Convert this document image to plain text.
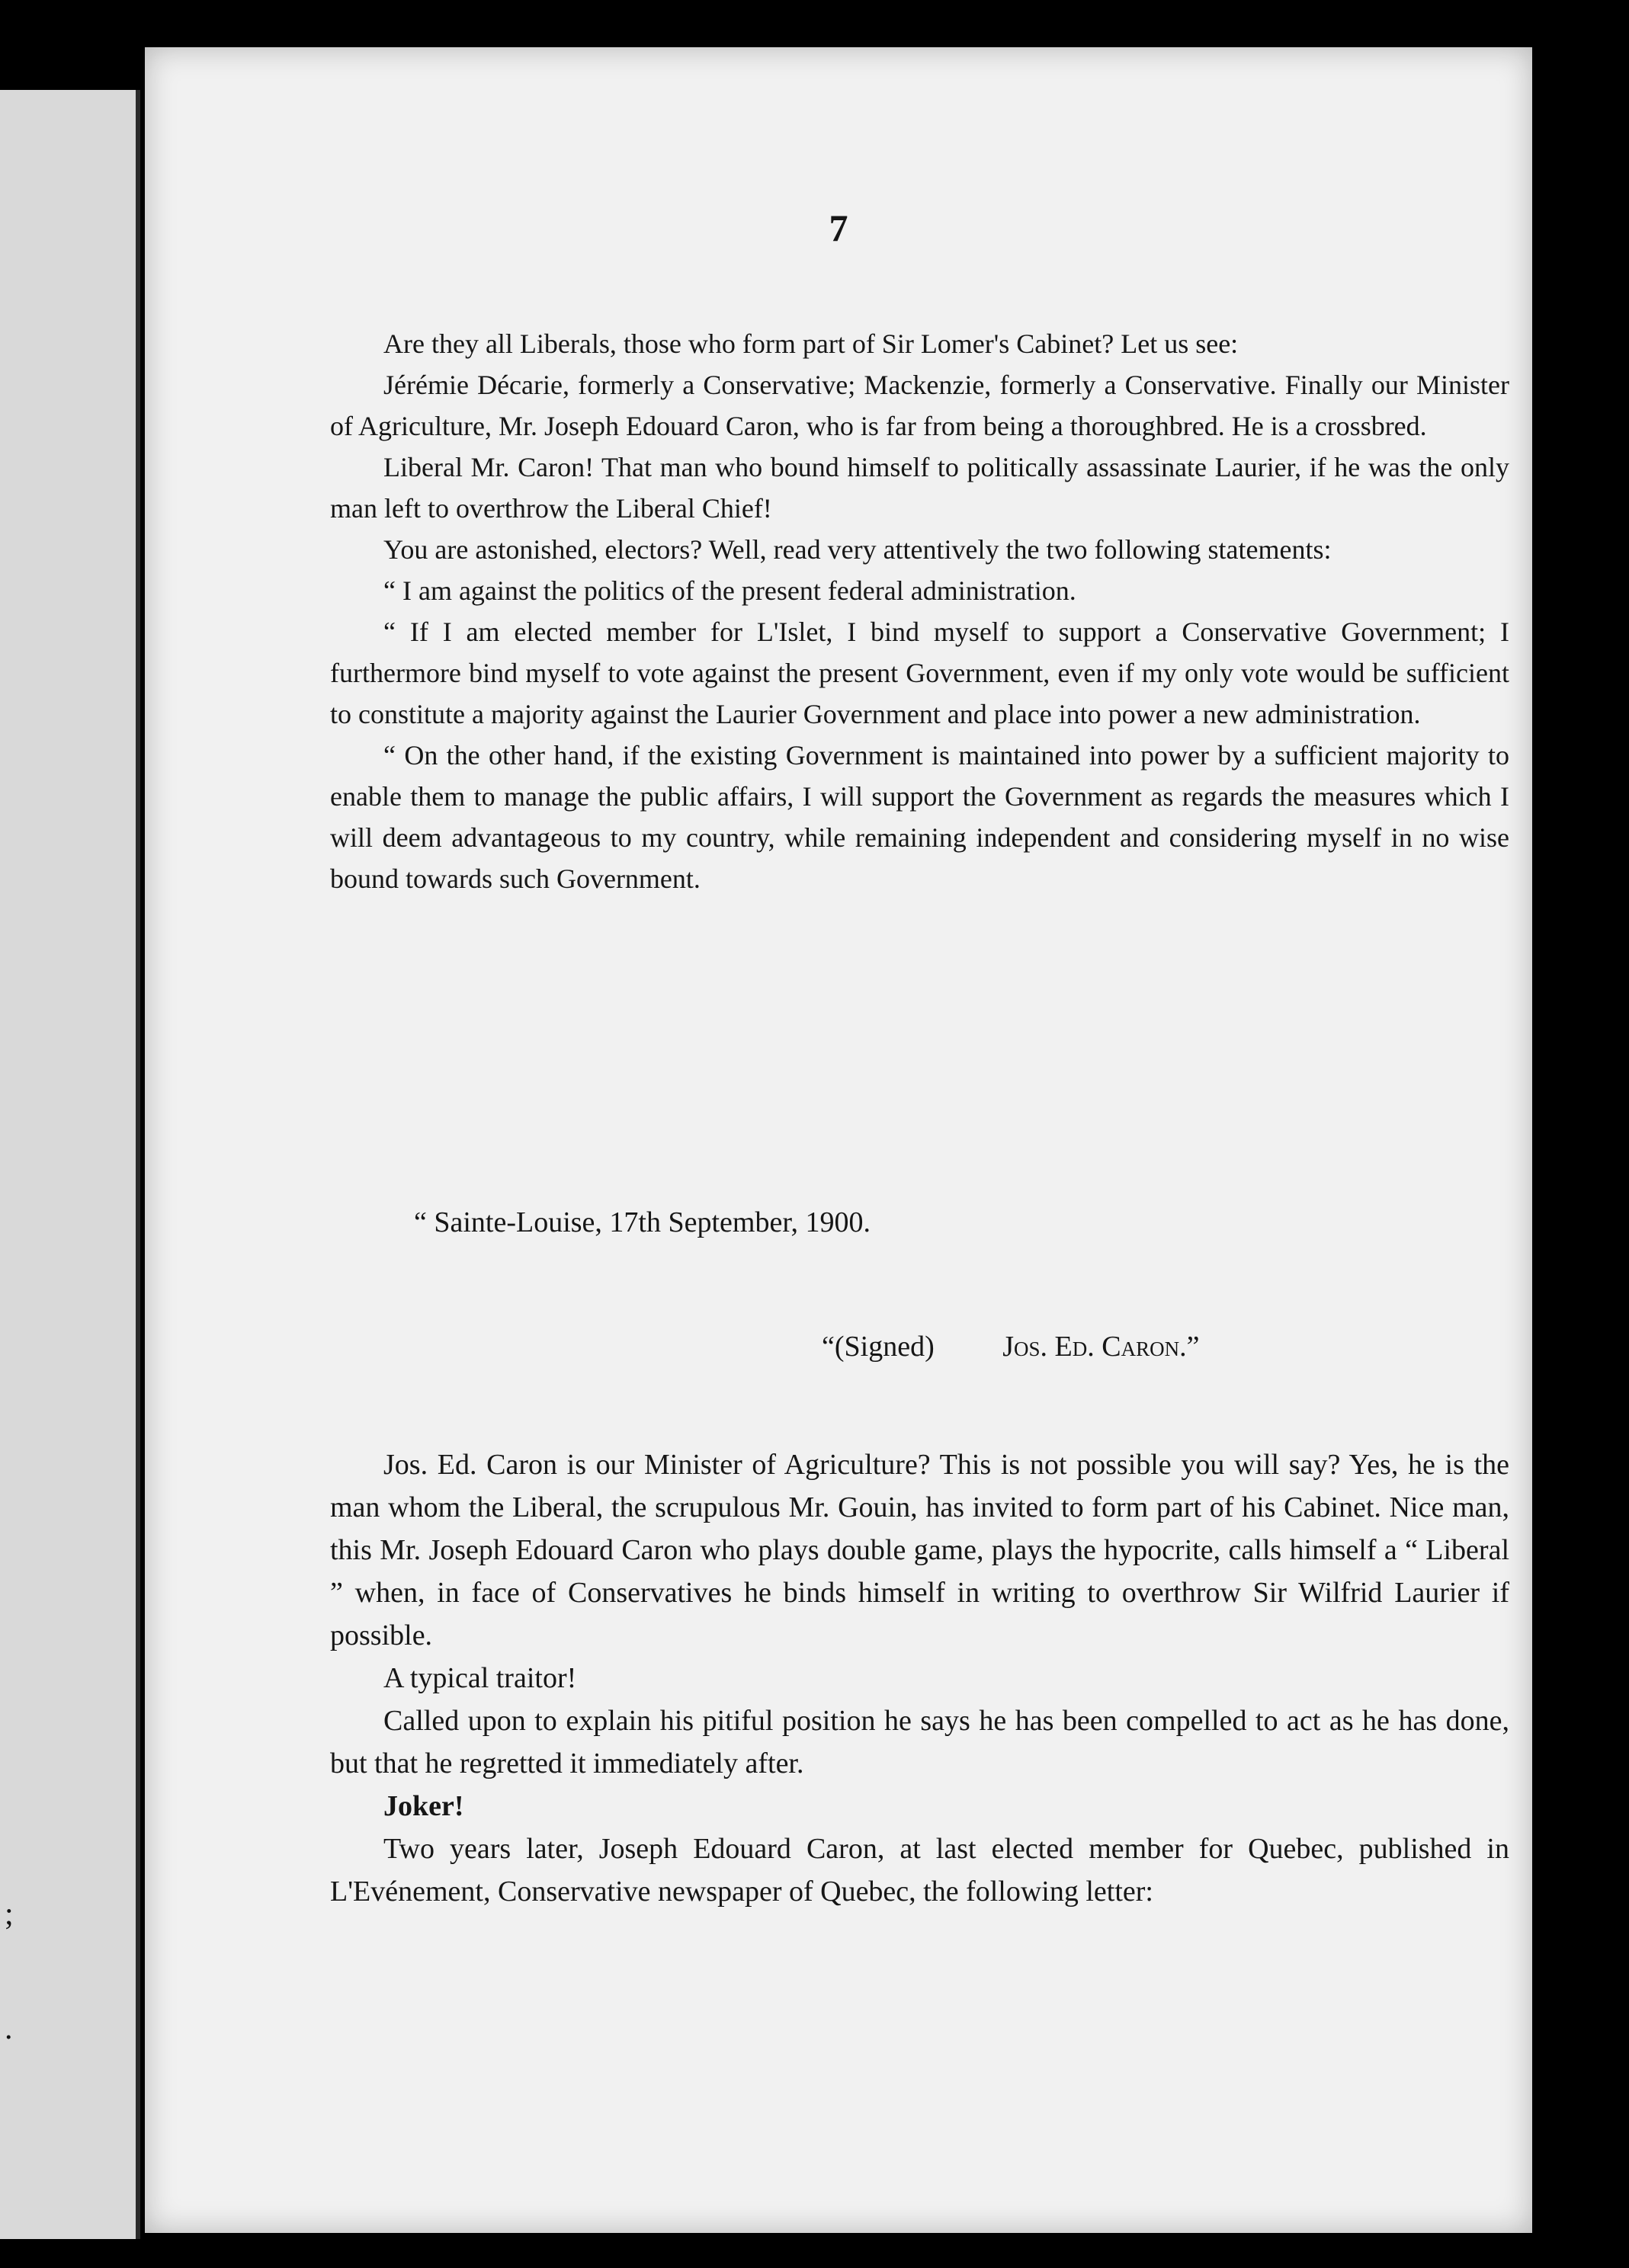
;
.
7

Are they all Liberals, those who form part of Sir Lomer's Cabinet? Let us see:

Jérémie Décarie, formerly a Conservative; Mackenzie, formerly a Conservative. Finally our Minister of Agriculture, Mr. Joseph Edouard Caron, who is far from being a thoroughbred. He is a crossbred.

Liberal Mr. Caron! That man who bound himself to politically assassinate Laurier, if he was the only man left to overthrow the Liberal Chief!

You are astonished, electors? Well, read very attentively the two following statements:

“ I am against the politics of the present federal administration.

“ If I am elected member for L'Islet, I bind myself to support a Conservative Government; I furthermore bind myself to vote against the present Government, even if my only vote would be sufficient to constitute a majority against the Laurier Government and place into power a new administration.

“ On the other hand, if the existing Government is maintained into power by a sufficient majority to enable them to manage the public affairs, I will support the Government as regards the measures which I will deem advantageous to my country, while remaining independent and considering myself in no wise bound towards such Government.

“ Sainte-Louise, 17th September, 1900.
“(Signed) Jos. Ed. Caron.”

Jos. Ed. Caron is our Minister of Agriculture? This is not possible you will say? Yes, he is the man whom the Liberal, the scrupulous Mr. Gouin, has invited to form part of his Cabinet. Nice man, this Mr. Joseph Edouard Caron who plays double game, plays the hypocrite, calls himself a “ Liberal ” when, in face of Conservatives he binds himself in writing to overthrow Sir Wilfrid Laurier if possible.

A typical traitor!

Called upon to explain his pitiful position he says he has been compelled to act as he has done, but that he regretted it immediately after.

Joker!

Two years later, Joseph Edouard Caron, at last elected member for Quebec, published in L'Evénement, Conservative newspaper of Quebec, the following letter:
